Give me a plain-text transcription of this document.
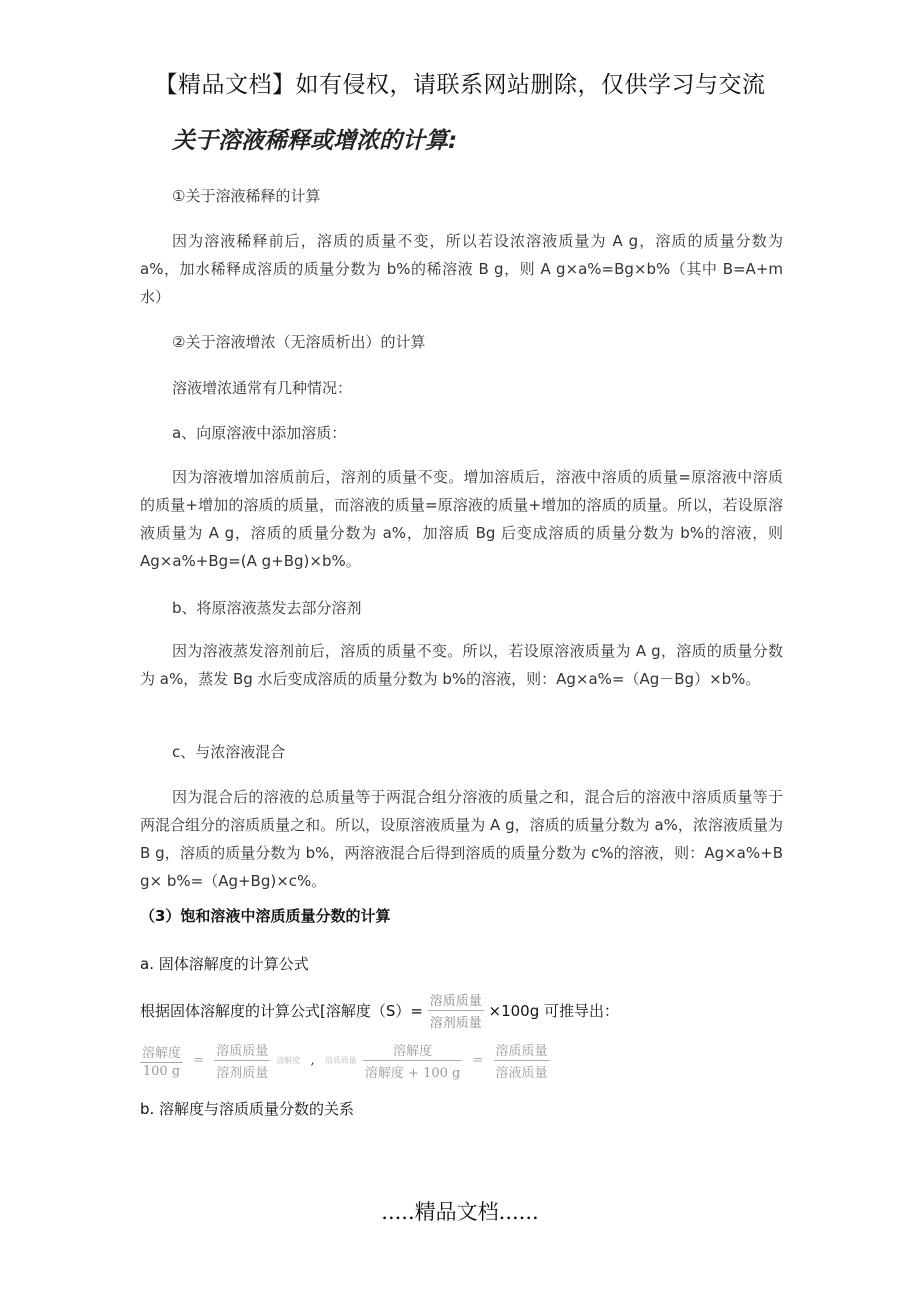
【精品文档】如有侵权，请联系网站删除，仅供学习与交流
关于溶液稀释或增浓的计算:
①关于溶液稀释的计算

因为溶液稀释前后，溶质的质量不变，所以若设浓溶液质量为 A g，溶质的质量分数为 a%，加水稀释成溶质的质量分数为 b%的稀溶液 B g，则 A g×a%=Bg×b%（其中 B=A+m 水）

②关于溶液增浓（无溶质析出）的计算
溶液增浓通常有几种情况：
a、向原溶液中添加溶质：

因为溶液增加溶质前后，溶剂的质量不变。增加溶质后，溶液中溶质的质量=原溶液中溶质的质量+增加的溶质的质量，而溶液的质量=原溶液的质量+增加的溶质的质量。所以，若设原溶液质量为 A g，溶质的质量分数为 a%，加溶质 Bg 后变成溶质的质量分数为 b%的溶液，则 Ag×a%+Bg=(A g+Bg)×b%。

b、将原溶液蒸发去部分溶剂

因为溶液蒸发溶剂前后，溶质的质量不变。所以，若设原溶液质量为 A g，溶质的质量分数为 a%，蒸发 Bg 水后变成溶质的质量分数为 b%的溶液，则：Ag×a%=（Ag－Bg）×b%。

c、与浓溶液混合

因为混合后的溶液的总质量等于两混合组分溶液的质量之和，混合后的溶液中溶质质量等于两混合组分的溶质质量之和。所以，设原溶液质量为 A g，溶质的质量分数为 a%，浓溶液质量为 B g，溶质的质量分数为 b%，两溶液混合后得到溶质的质量分数为 c%的溶液，则：Ag×a%+B g× b%=（Ag+Bg)×c%。

（3）饱和溶液中溶质质量分数的计算
a. 固体溶解度的计算公式
根据固体溶解度的计算公式[溶解度$(S)= \frac{\text{溶质质量}}{\text{溶剂质量}} \times 100g$ 可推导出：
$\frac{\text{溶解度}}{100 g} = \frac{\text{溶质质量}}{\text{溶剂质量}}$ 溶解度 , 溶质质量 $\frac{\text{溶解度}}{\text{溶解度 + 100 g}} = \frac{\text{溶质质量}}{\text{溶液质量}}$
b. 溶解度与溶质质量分数的关系
.....精品文档......
